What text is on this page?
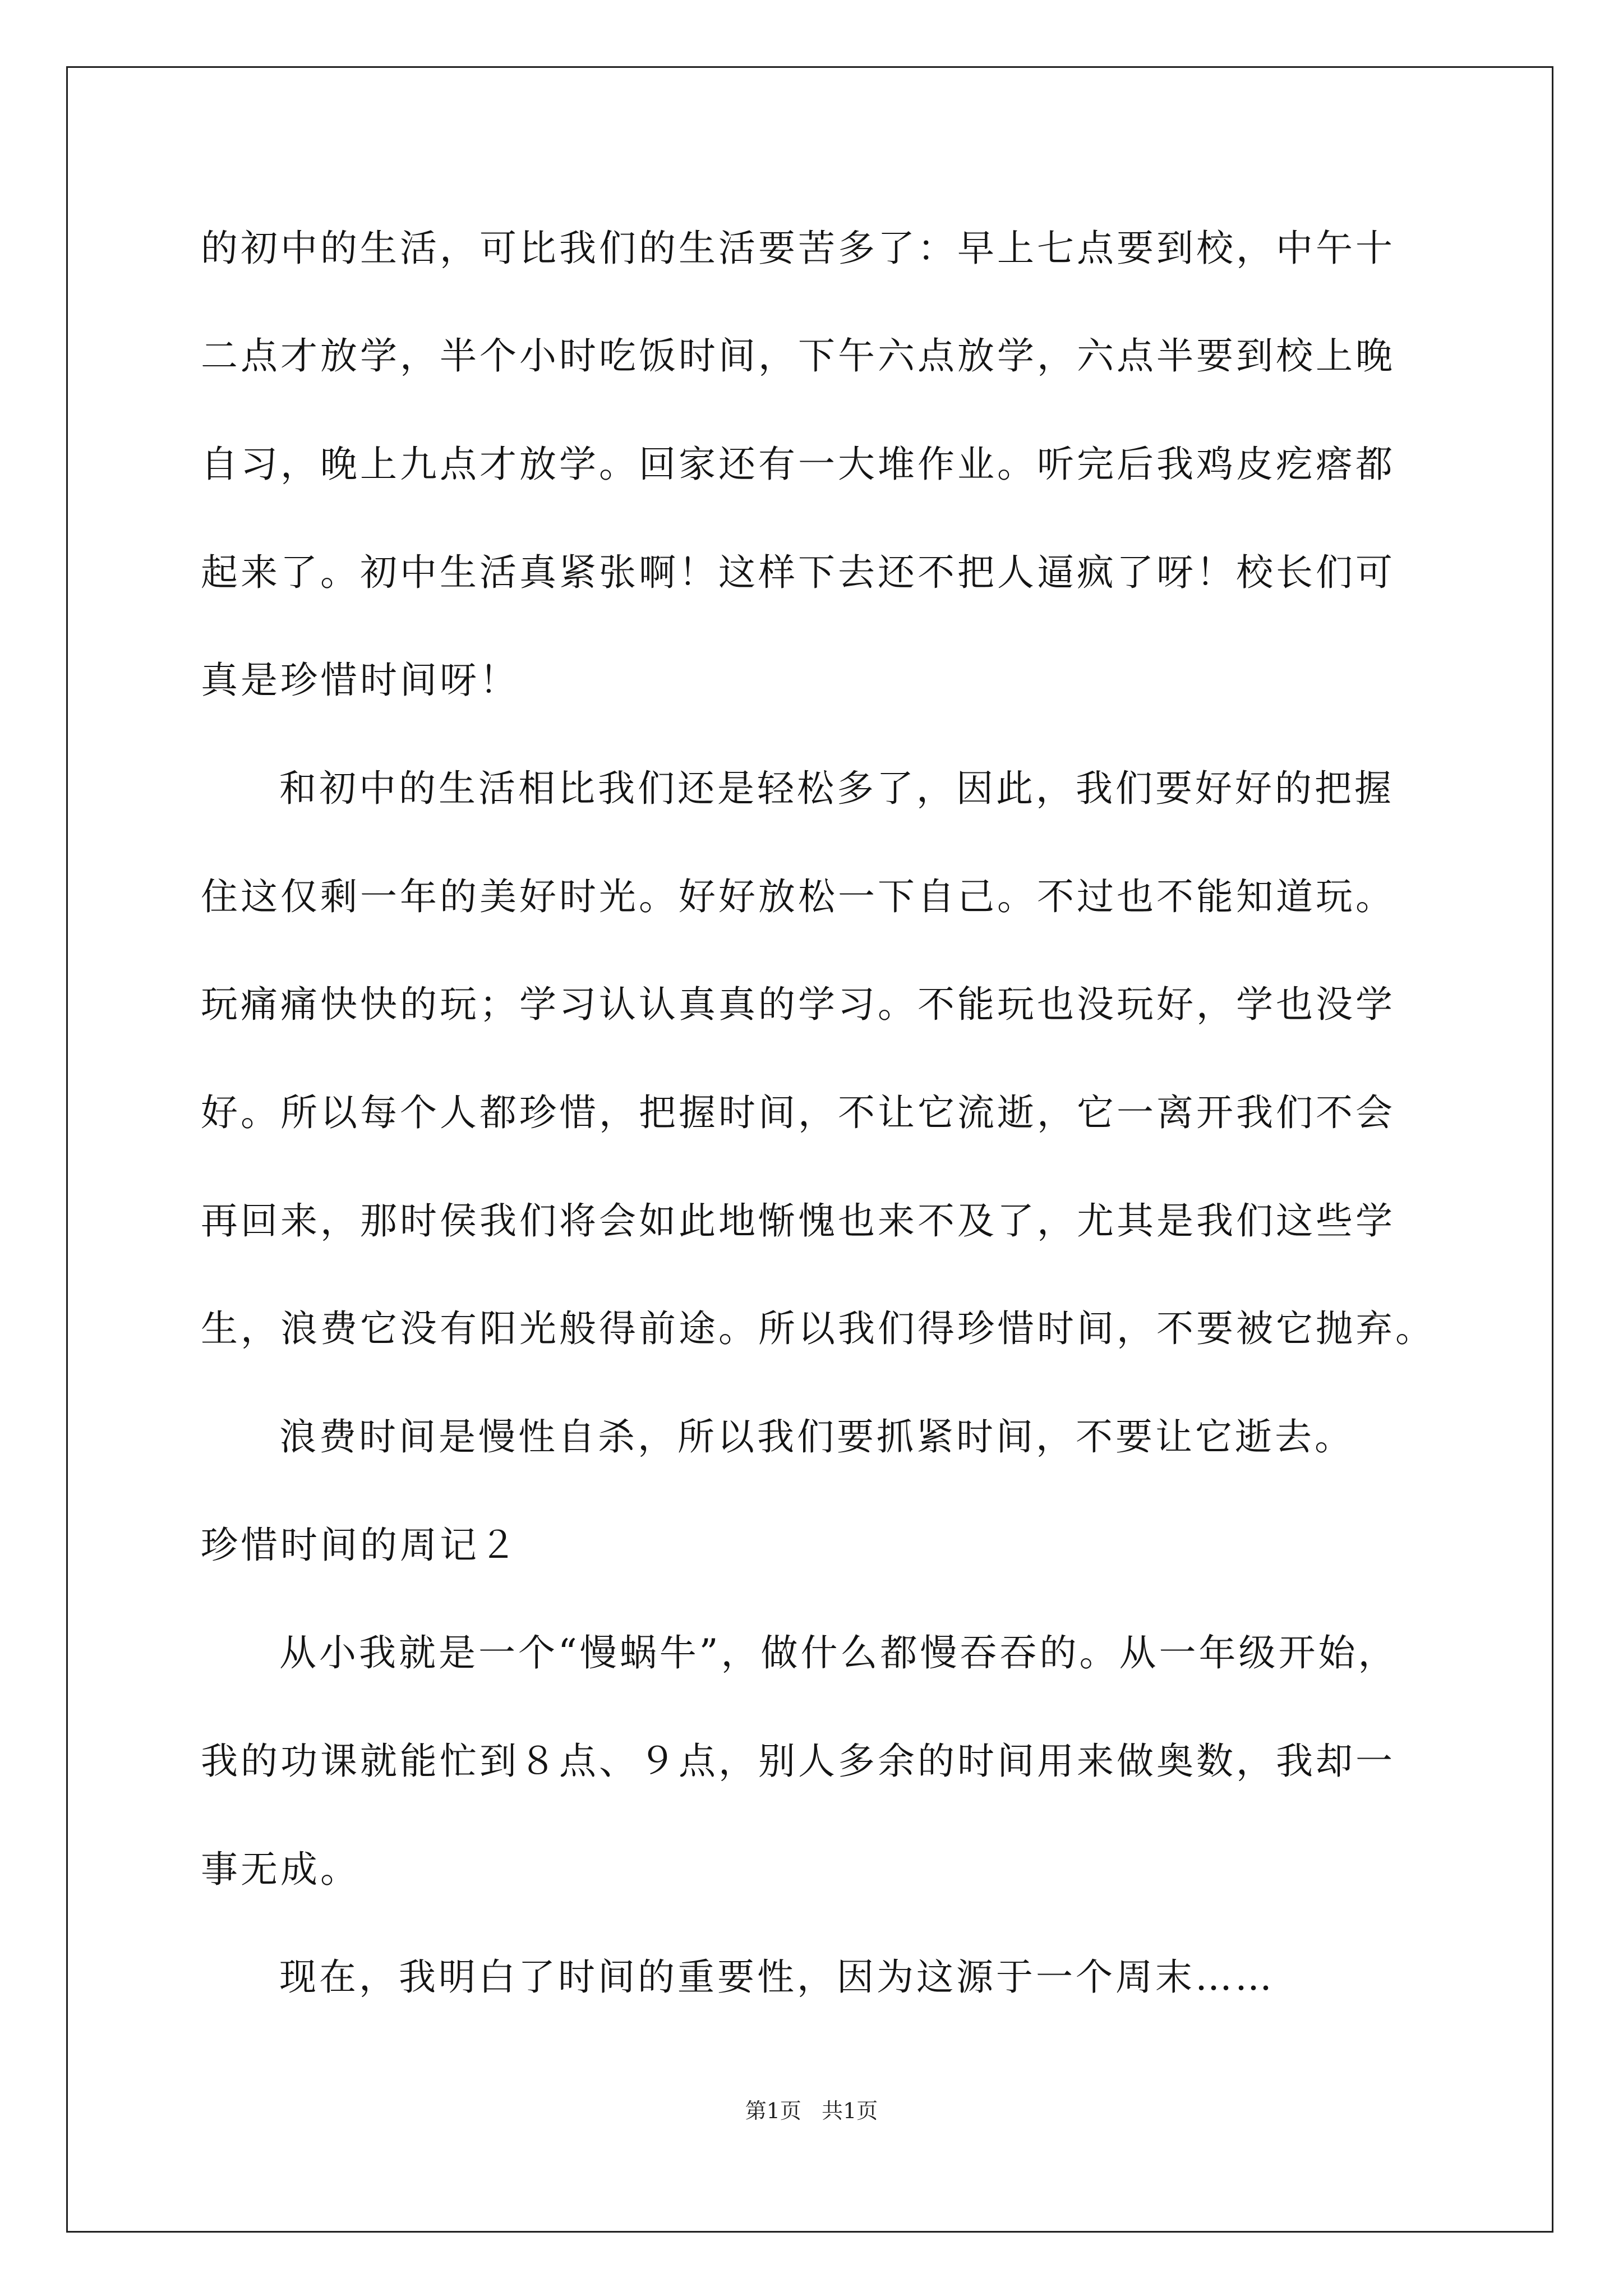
的初中的生活，可比我们的生活要苦多了：早上七点要到校，中午十
二点才放学，半个小时吃饭时间，下午六点放学，六点半要到校上晚
自习，晚上九点才放学。回家还有一大堆作业。听完后我鸡皮疙瘩都
起来了。初中生活真紧张啊！这样下去还不把人逼疯了呀！校长们可
真是珍惜时间呀！
和初中的生活相比我们还是轻松多了，因此，我们要好好的把握
住这仅剩一年的美好时光。好好放松一下自己。不过也不能知道玩。
玩痛痛快快的玩；学习认认真真的学习。不能玩也没玩好，学也没学
好。所以每个人都珍惜，把握时间，不让它流逝，它一离开我们不会
再回来，那时侯我们将会如此地惭愧也来不及了，尤其是我们这些学
生，浪费它没有阳光般得前途。所以我们得珍惜时间，不要被它抛弃。
浪费时间是慢性自杀，所以我们要抓紧时间，不要让它逝去。
珍惜时间的周记２
从小我就是一个“慢蜗牛”，做什么都慢吞吞的。从一年级开始，
我的功课就能忙到８点、９点，别人多余的时间用来做奥数，我却一
事无成。
现在，我明白了时间的重要性，因为这源于一个周末……
第1页   共1页
